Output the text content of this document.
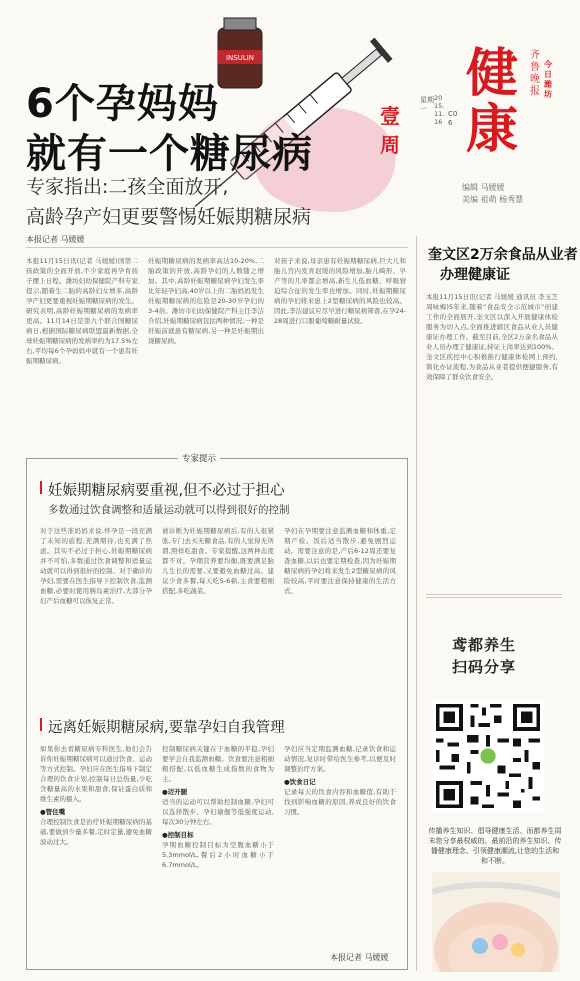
INSULIN
6个孕妈妈
就有一个糖尿病
专家指出:二孩全面放开,
高龄孕产妇更要警惕妊娠期糖尿病
壹
周
星期一
2015.11.16
C06
健
康
齐鲁晚报
今日潍坊
编辑 马媛媛
美编 祖萌 杨秀慧
本报记者 马媛媛
本报11月15日讯(记者 马媛媛)国第二孩政策的全面开放,不少家庭再孕育孩子摆上日程。潍坊妇幼保健院产科专家提示,随着生二胎的高龄妇女增多,高龄孕产妇更要重视妊娠期糖尿病的发生。研究表明,高龄妊娠期糖尿病的发病率更高。11月14日是第九个联合国糖尿病日,根据国际糖尿病联盟最新数据,全球妊娠期糖尿病的发病率约为17.5%左右,平均每6个孕妈妈中就有一个患有妊娠期糖尿病。
妊娠期糖尿病的发病率高达10-20%,二胎政策的开放,高龄孕妇的人数随之增加。其中,高龄妊娠期糖尿病孕妇发生率比年轻孕妇高,40岁以上的二胎妈妈发生妊娠期糖尿病的危险是20-30岁孕妇的3-4倍。潍坊市妇幼保健院产科主任李洁介绍,妊娠期糖尿病包括两种情况,一种是妊娠前就患有糖尿病,另一种是妊娠期出现糖尿病。
对孩子来说,母亲患有妊娠期糖尿病,巨大儿和胎儿宫内发育迟缓的风险增加,胎儿畸形、早产等的几率都会增高,新生儿低血糖、呼吸窘迫综合征的发生率也增加。同时,妊娠期糖尿病的孕妇将来患上2型糖尿病的风险也较高。因此,李洁建议应尽早进行糖尿病筛查,在孕24-28周进行口服葡萄糖耐量试验。
专家提示
妊娠期糖尿病要重视,但不必过于担心
多数通过饮食调整和适量运动就可以得到很好的控制
对于这些准妈妈来说,怀孕是一段充满了未知的旅程,充满期待,也充满了焦虑。其实不必过于担心,妊娠期糖尿病并不可怕,多数通过饮食调整和适量运动就可以得到很好的控制。对于确诊的孕妇,需要在医生指导下控制饮食,监测血糖,必要时使用胰岛素治疗,大部分孕妇产后血糖可以恢复正常。
被诊断为妊娠期糖尿病后,有的人很紧张,专门去买无糖食品,有的人觉得无所谓,照样吃甜食。专家提醒,这两种态度都不对。孕期营养要均衡,既要满足胎儿生长的需要,又要避免血糖过高。建议少食多餐,每天吃5-6顿,主食要粗细搭配,多吃蔬菜。
孕妇在孕期要注意监测血糖和体重,定期产检。饭后适当散步,避免剧烈运动。需要注意的是,产后6-12周还要复查血糖,以后也要定期检查,因为妊娠期糖尿病的孕妇将来发生2型糖尿病的风险较高,平时要注意保持健康的生活方式。
远离妊娠期糖尿病,要靠孕妇自我管理
如果你去看糖尿病专科医生,他们会告诉你妊娠期糖尿病可以通过饮食、运动等方式控制。孕妇应在医生指导下制定合理的饮食计划,控制每日总热量,少吃含糖量高的水果和甜食,保证蛋白质和维生素的摄入。
●管住嘴
合理控制饮食是治疗妊娠期糖尿病的基础,要做到少量多餐,定时定量,避免血糖波动过大。
控制糖尿病关键在于血糖的平稳,孕妇要学会自我监测血糖。饮食要注意粗细粮搭配,以低血糖生成指数的食物为主。
●迈开腿
适当的运动可以帮助控制血糖,孕妇可以选择散步、孕妇瑜伽等低强度运动,每次30分钟左右。
●控制目标
孕期血糖控制目标为空腹血糖小于5.3mmol/L,餐后2小时血糖小于6.7mmol/L。
孕妇应当定期监测血糖,记录饮食和运动情况,复诊时带给医生参考,以便及时调整治疗方案。
●饮食日记
记录每天的饮食内容和血糖值,有助于找到影响血糖的原因,养成良好的饮食习惯。
本报记者 马媛媛
奎文区2万余食品从业者
办理健康证
本报11月15日讯(记者 马媛媛 通讯员 李玉芝 周咏梅)5年来,随着“食品安全示范城市”创建工作的全面展开,奎文区以深入开展健康体检服务为切入点,全面推进辖区食品从业人员健康证办理工作。截至目前,全区2万余名食品从业人员办理了健康证,持证上岗率达到100%。奎文区疾控中心积极推行健康体检网上预约,简化办证流程,为食品从业者提供便捷服务,有效保障了群众饮食安全。
鸢都养生
扫码分享
传播养生知识、倡导健康生活、而都养生周末您分享最权威的、最前沿的养生知识、传播健康理念、引领健康潮流,让您的生活和和不断。
